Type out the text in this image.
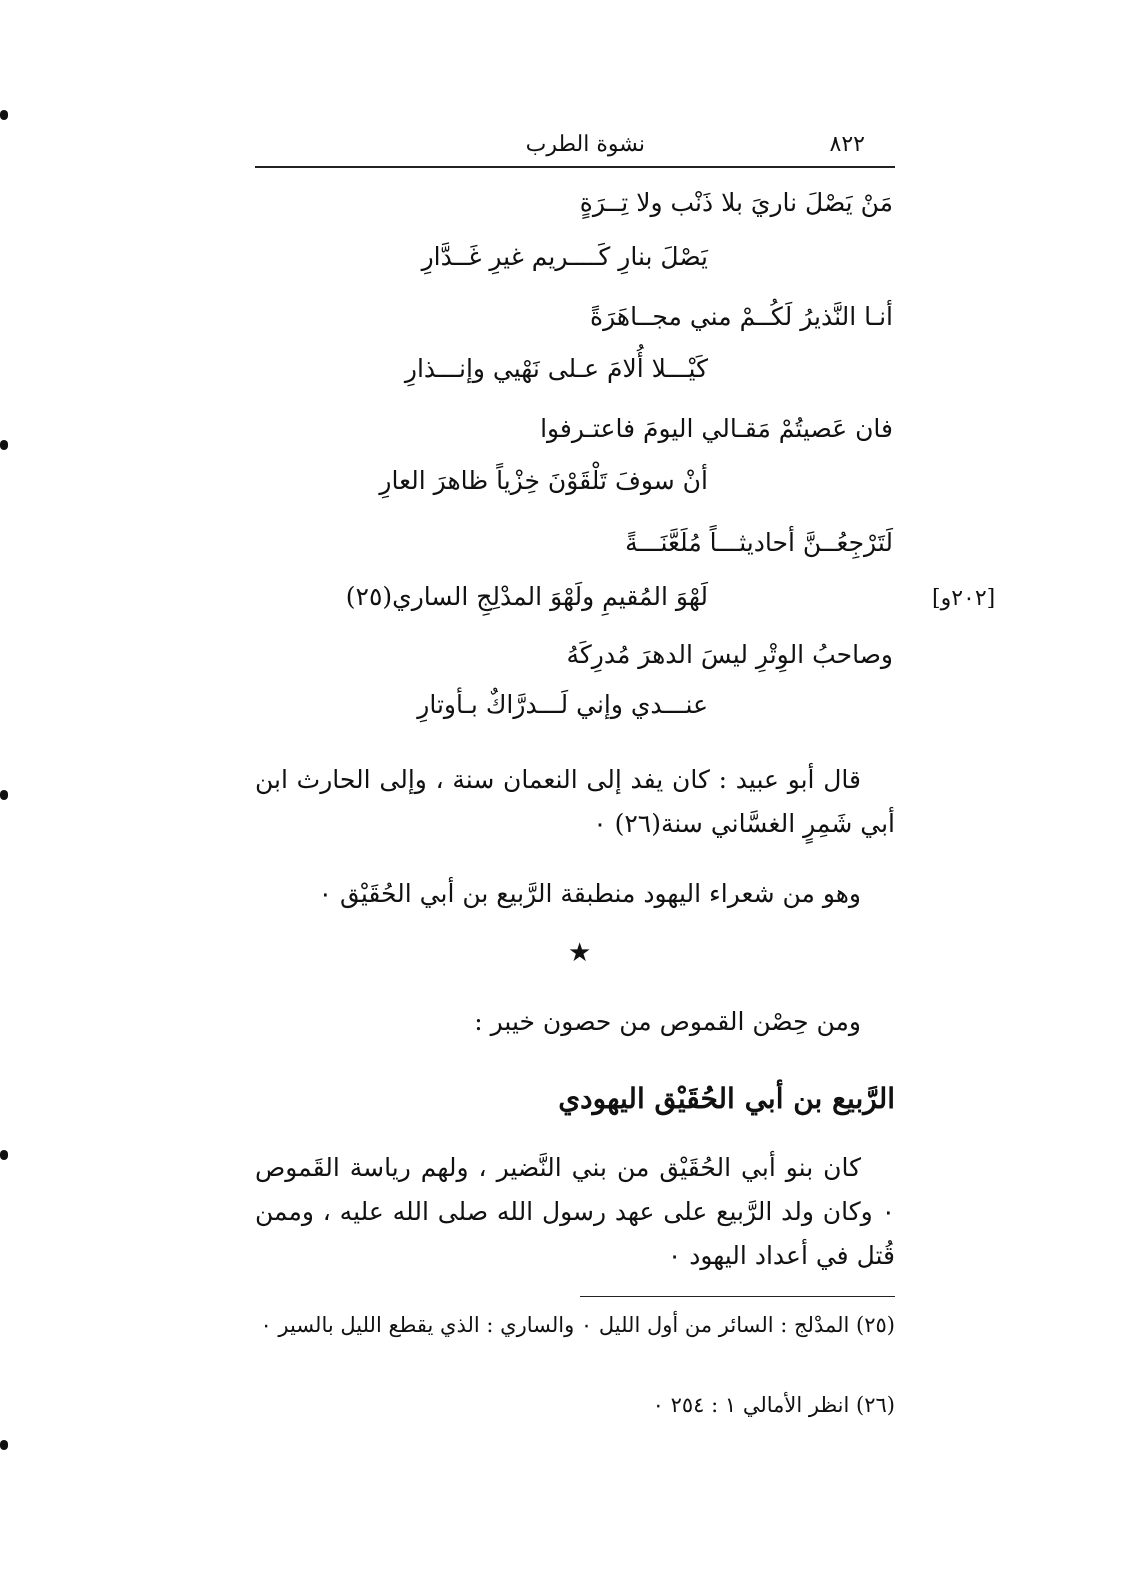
٨٢٢
نشوة الطرب
مَنْ يَصْلَ ناريَ بلا ذَنْب ولا تِــرَةٍ
يَصْلَ بنارِ كَــــريم غيرِ غَــدَّارِ
أنـا النَّذيرُ لَكُــمْ مني مجــاهَرَةً
كَيْـــلا أُلامَ عـلى نَهْيي وإنـــذارِ
فان عَصيتُمْ مَقـالي اليومَ فاعتـرفوا
أنْ سوفَ تَلْقَوْنَ خِزْياً ظاهرَ العارِ
لَتَرْجِعُــنَّ أحاديثـــاً مُلَعَّنَـــةً
لَهْوَ المُقيمِ ولَهْوَ المدْلِجِ الساري(٢٥)
وصاحبُ الوِتْرِ ليسَ الدهرَ مُدرِكَهُ
عنـــدي وإني لَـــدرَّاكٌ بـأوتارِ
[٢٠٢و]
قال أبو عبيد : كان يفد إلى النعمان سنة ، وإلى الحارث ابن أبي شَمِرٍ الغسَّاني سنة(٢٦) ٠
وهو من شعراء اليهود منطبقة الرَّبيع بن أبي الحُقَيْق ٠
★
ومن حِصْن القموص من حصون خيبر :
الرَّبيع بن أبي الحُقَيْق اليهودي
كان بنو أبي الحُقَيْق من بني النَّضير ، ولهم رياسة القَموص ٠ وكان ولد الرَّبيع على عهد رسول الله صلى الله عليه ، وممن قُتل في أعداد اليهود ٠
(٢٥) المدْلج : السائر من أول الليل ٠ والساري : الذي يقطع الليل بالسير ٠
(٢٦) انظر الأمالي ١ : ٢٥٤ ٠
